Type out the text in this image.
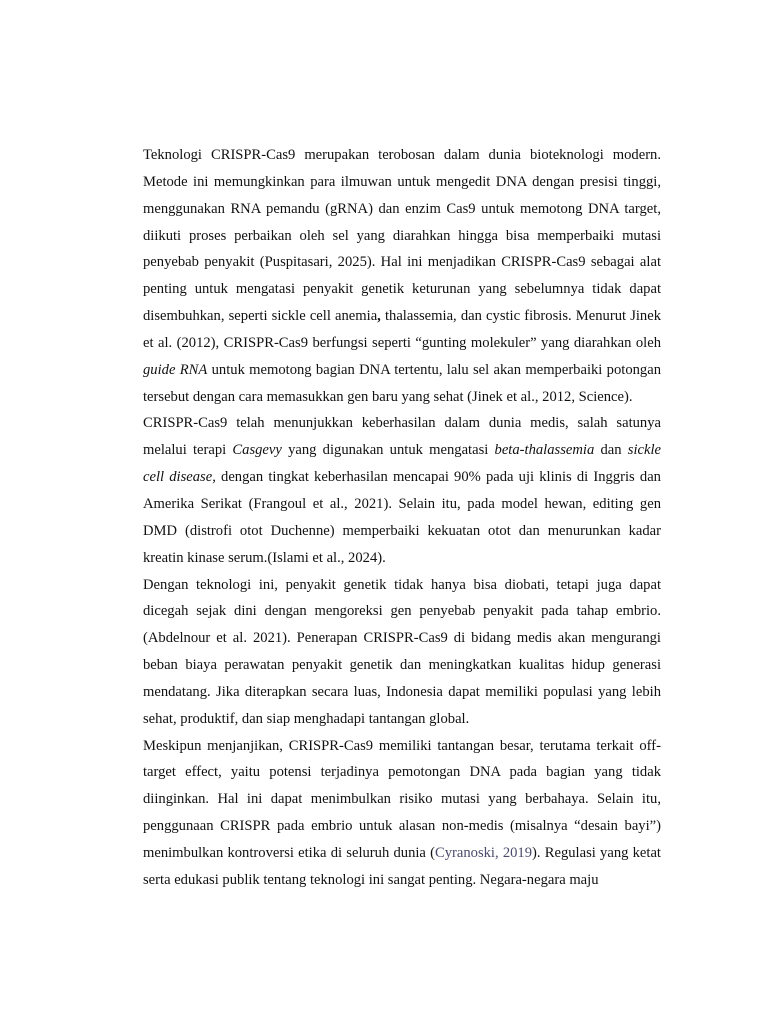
Teknologi CRISPR-Cas9 merupakan terobosan dalam dunia bioteknologi modern. Metode ini memungkinkan para ilmuwan untuk mengedit DNA dengan presisi tinggi, menggunakan RNA pemandu (gRNA) dan enzim Cas9 untuk memotong DNA target, diikuti proses perbaikan oleh sel yang diarahkan hingga bisa memperbaiki mutasi penyebab penyakit (Puspitasari, 2025). Hal ini menjadikan CRISPR-Cas9 sebagai alat penting untuk mengatasi penyakit genetik keturunan yang sebelumnya tidak dapat disembuhkan, seperti sickle cell anemia, thalassemia, dan cystic fibrosis. Menurut Jinek et al. (2012), CRISPR-Cas9 berfungsi seperti “gunting molekuler” yang diarahkan oleh guide RNA untuk memotong bagian DNA tertentu, lalu sel akan memperbaiki potongan tersebut dengan cara memasukkan gen baru yang sehat (Jinek et al., 2012, Science).

CRISPR-Cas9 telah menunjukkan keberhasilan dalam dunia medis, salah satunya melalui terapi Casgevy yang digunakan untuk mengatasi beta-thalassemia dan sickle cell disease, dengan tingkat keberhasilan mencapai 90% pada uji klinis di Inggris dan Amerika Serikat (Frangoul et al., 2021). Selain itu, pada model hewan, editing gen DMD (distrofi otot Duchenne) memperbaiki kekuatan otot dan menurunkan kadar kreatin kinase serum.(Islami et al., 2024).

Dengan teknologi ini, penyakit genetik tidak hanya bisa diobati, tetapi juga dapat dicegah sejak dini dengan mengoreksi gen penyebab penyakit pada tahap embrio. (Abdelnour et al. 2021). Penerapan CRISPR-Cas9 di bidang medis akan mengurangi beban biaya perawatan penyakit genetik dan meningkatkan kualitas hidup generasi mendatang. Jika diterapkan secara luas, Indonesia dapat memiliki populasi yang lebih sehat, produktif, dan siap menghadapi tantangan global.

Meskipun menjanjikan, CRISPR-Cas9 memiliki tantangan besar, terutama terkait off-target effect, yaitu potensi terjadinya pemotongan DNA pada bagian yang tidak diinginkan. Hal ini dapat menimbulkan risiko mutasi yang berbahaya. Selain itu, penggunaan CRISPR pada embrio untuk alasan non-medis (misalnya “desain bayi”) menimbulkan kontroversi etika di seluruh dunia (Cyranoski, 2019). Regulasi yang ketat serta edukasi publik tentang teknologi ini sangat penting. Negara-negara maju
